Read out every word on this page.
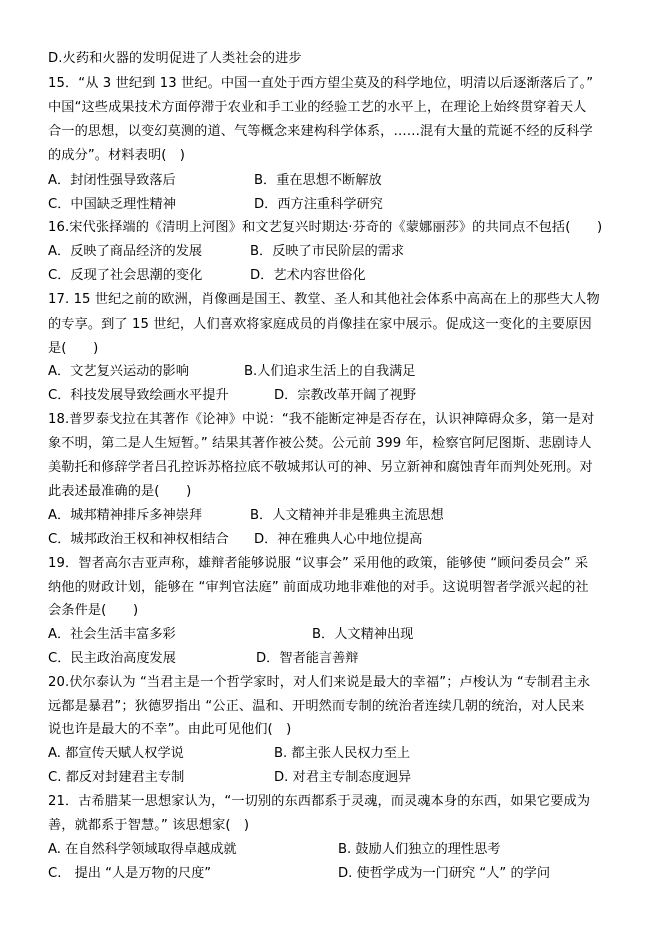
D.火药和火器的发明促进了人类社会的进步
15．“从 3 世纪到 13 世纪。中国一直处于西方望尘莫及的科学地位，明清以后逐渐落后了。”
中国“这些成果技术方面停滞于农业和手工业的经验工艺的水平上，在理论上始终贯穿着天人
合一的思想，以变幻莫测的道、气等概念来建构科学体系，……混有大量的荒诞不经的反科学
的成分”。材料表明(　)
A．封闭性强导致落后	B．重在思想不断解放
C．中国缺乏理性精神	D．西方注重科学研究
16.宋代张择端的《清明上河图》和文艺复兴时期达·芬奇的《蒙娜丽莎》的共同点不包括(　　)
A．反映了商品经济的发展	B．反映了市民阶层的需求
C．反现了社会思潮的变化	D．艺术内容世俗化
17. 15 世纪之前的欧洲，肖像画是国王、教堂、圣人和其他社会体系中高高在上的那些大人物
的专享。到了 15 世纪，人们喜欢将家庭成员的肖像挂在家中展示。促成这一变化的主要原因
是(　　)
A．文艺复兴运动的影响	B.人们追求生活上的自我满足
C．科技发展导致绘画水平提升	D．宗教改革开阔了视野
18.普罗泰戈拉在其著作《论神》中说：“我不能断定神是否存在，认识神障碍众多，第一是对
象不明，第二是人生短暂。” 结果其著作被公焚。公元前 399 年，检察官阿尼图斯、悲剧诗人
美勒托和修辞学者吕孔控诉苏格拉底不敬城邦认可的神、另立新神和腐蚀青年而判处死刑。对
此表述最准确的是(　　)
A．城邦精神排斥多神崇拜	B．人文精神并非是雅典主流思想
C．城邦政治王权和神权相结合 D．神在雅典人心中地位提高
19．智者高尔吉亚声称，雄辩者能够说服 “议事会” 采用他的政策，能够使 “顾问委员会” 采
纳他的财政计划，能够在 “审判官法庭” 前面成功地非难他的对手。这说明智者学派兴起的社
会条件是(　　)
A．社会生活丰富多彩	B．人文精神出现
C．民主政治高度发展	D．智者能言善辩
20.伏尔泰认为 “当君主是一个哲学家时，对人们来说是最大的幸福”；卢梭认为 “专制君主永
远都是暴君”；狄德罗指出 “公正、温和、开明然而专制的统治者连续几朝的统治，对人民来
说也许是最大的不幸”。由此可见他们(　)
A. 都宣传天赋人权学说	B. 都主张人民权力至上
C. 都反对封建君主专制	D. 对君主专制态度迥异
21．古希腊某一思想家认为，“一切别的东西都系于灵魂，而灵魂本身的东西，如果它要成为
善，就都系于智慧。” 该思想家(　)
A. 在自然科学领域取得卓越成就	B. 鼓励人们独立的理性思考
C.　提出 “人是万物的尺度”	D. 使哲学成为一门研究 “人” 的学问
